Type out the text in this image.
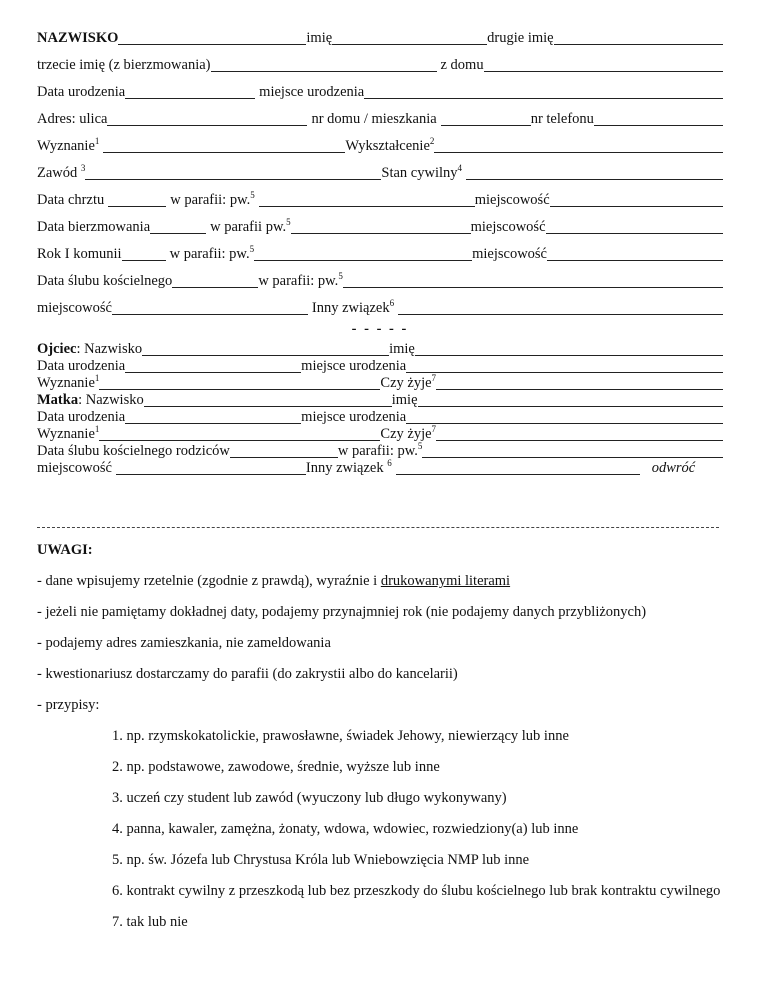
NAZWISKO	imię	drugie imię
trzecie imię (z bierzmowania)	z domu
Data urodzenia	miejsce urodzenia
Adres: ulica	nr domu / mieszkania	nr telefonu
Wyznanie$^1$	Wykształcenie$^2$
Zawód $^3$	Stan cywilny$^4$
Data chrztu	w parafii: pw.$^5$	miejscowość
Data bierzmowania	w parafii pw.$^5$	miejscowość
Rok I komunii	w parafii: pw.$^5$	miejscowość
Data ślubu kościelnego	w parafii: pw.$^5$
miejscowość	Inny związek$^6$
- - - - -
Ojciec: Nazwisko	imię
Data urodzenia	miejsce urodzenia
Wyznanie$^1$	Czy żyje$^7$
Matka: Nazwisko	imię
Data urodzenia	miejsce urodzenia
Wyznanie$^1$	Czy żyje$^7$
Data ślubu kościelnego rodziców	w parafii: pw.$^5$
miejscowość	Inny związek $^6$	odwróć
UWAGI:
- dane wpisujemy rzetelnie (zgodnie z prawdą), wyraźnie i drukowanymi literami
- jeżeli nie pamiętamy dokładnej daty, podajemy przynajmniej rok (nie podajemy danych przybliżonych)
- podajemy adres zamieszkania, nie zameldowania
- kwestionariusz dostarczamy do parafii (do zakrystii albo do kancelarii)
- przypisy:
1. np. rzymskokatolickie, prawosławne, świadek Jehowy, niewierzący lub inne
2. np. podstawowe, zawodowe, średnie, wyższe lub inne
3. uczeń czy student lub zawód (wyuczony lub długo wykonywany)
4. panna, kawaler, zamężna, żonaty, wdowa, wdowiec, rozwiedziony(a) lub inne
5. np. św. Józefa lub Chrystusa Króla lub Wniebowzięcia NMP lub inne
6. kontrakt cywilny z przeszkodą lub bez przeszkody do ślubu kościelnego lub brak kontraktu cywilnego
7. tak lub nie
